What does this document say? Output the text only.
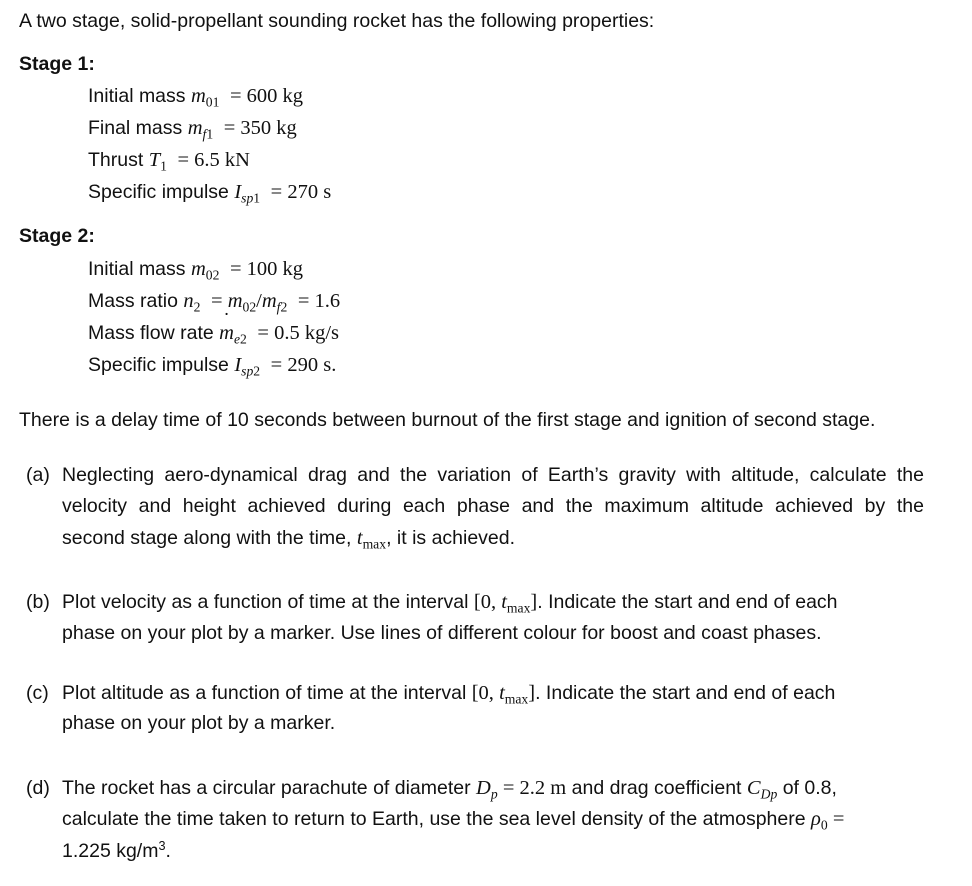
A two stage, solid-propellant sounding rocket has the following properties:
Stage 1:
Initial mass $m_{01} = 600$ kg
Final mass $m_{f1} = 350$ kg
Thrust $T_1 = 6.5$ kN
Specific impulse $I_{sp1} = 270$ s
Stage 2:
Initial mass $m_{02} = 100$ kg
Mass ratio $n_2 = m_{02}/m_{f2} = 1.6$
Mass flow rate m $˙_{e2} = 0.5$ kg/s
Specific impulse $I_{sp2} = 290$ s.
There is a delay time of 10 seconds between burnout of the first stage and ignition of second stage.
(a) Neglecting aero-dynamical drag and the variation of Earth’s gravity with altitude, calculate the
velocity and height achieved during each phase and the maximum altitude achieved by the
second stage along with the time, $t_{max}$, it is achieved.
(b) Plot velocity as a function of time at the interval [0, $t_{max}$]. Indicate the start and end of each
phase on your plot by a marker. Use lines of different colour for boost and coast phases.
(c) Plot altitude as a function of time at the interval [0, $t_{max}$]. Indicate the start and end of each
phase on your plot by a marker.
(d) The rocket has a circular parachute of diameter $D_p = 2.2$ m and drag coefficient $C_{Dp}$ of 0.8,
calculate the time taken to return to Earth, use the sea level density of the atmosphere $\rho_0$ =
1.225 $kg/m^3$.
